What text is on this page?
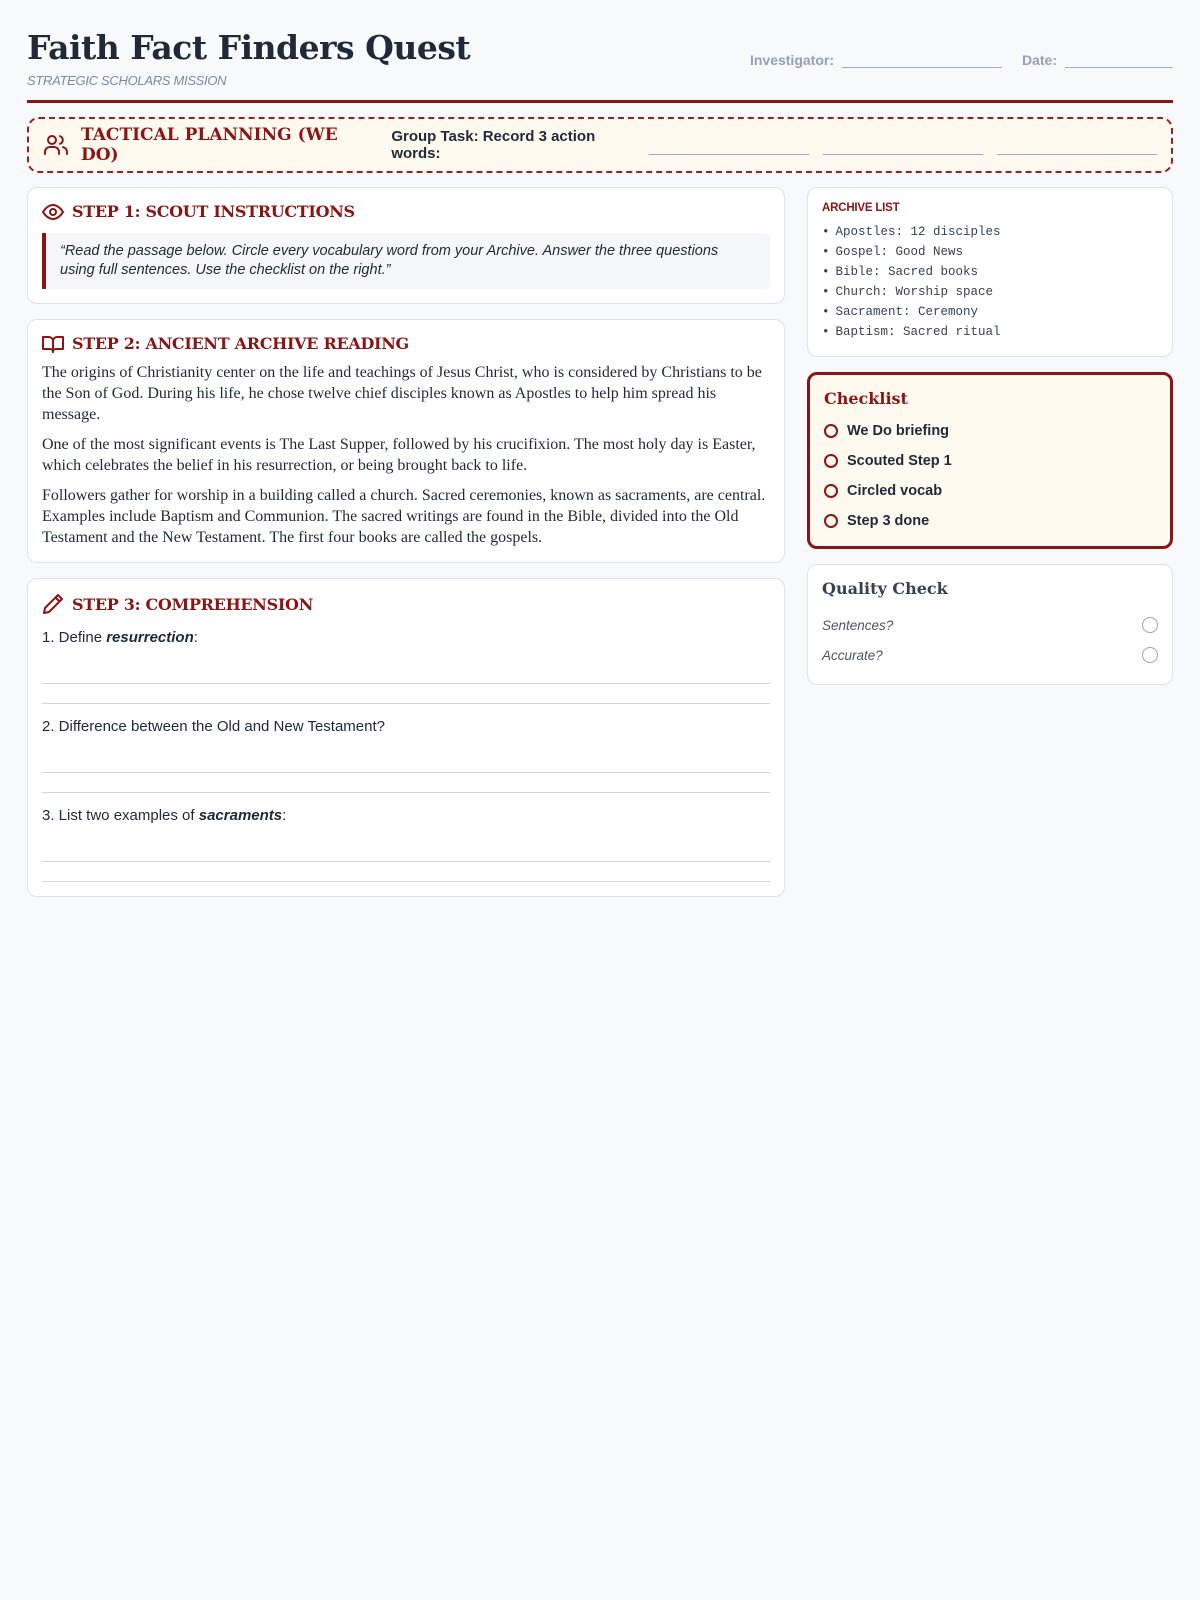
Faith Fact Finders Quest
STRATEGIC SCHOLARS MISSION
Investigator:	Date:
TACTICAL PLANNING (WE DO)
Group Task: Record 3 action words:
STEP 1: SCOUT INSTRUCTIONS
“Read the passage below. Circle every vocabulary word from your Archive. Answer the three questions using full sentences. Use the checklist on the right.”
STEP 2: ANCIENT ARCHIVE READING

The origins of Christianity center on the life and teachings of Jesus Christ, who is considered by Christians to be the Son of God. During his life, he chose twelve chief disciples known as Apostles to help him spread his message.

One of the most significant events is The Last Supper, followed by his crucifixion. The most holy day is Easter, which celebrates the belief in his resurrection, or being brought back to life.

Followers gather for worship in a building called a church. Sacred ceremonies, known as sacraments, are central. Examples include Baptism and Communion. The sacred writings are found in the Bible, divided into the Old Testament and the New Testament. The first four books are called the gospels.

STEP 3: COMPREHENSION
1. Define resurrection:
2. Difference between the Old and New Testament?
3. List two examples of sacraments:
ARCHIVE LIST
• Apostles: 12 disciples
• Gospel: Good News
• Bible: Sacred books
• Church: Worship space
• Sacrament: Ceremony
• Baptism: Sacred ritual
Checklist
We Do briefing
Scouted Step 1
Circled vocab
Step 3 done
Quality Check
Sentences?
Accurate?
